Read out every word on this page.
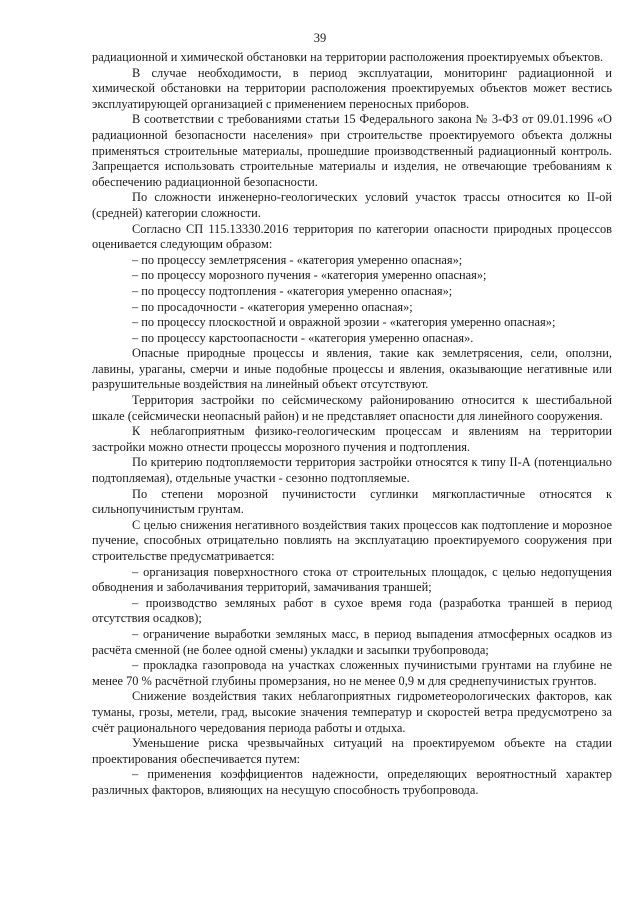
39

радиационной и химической обстановки на территории расположения проектируемых объектов.

В случае необходимости, в период эксплуатации, мониторинг радиационной и химической обстановки на территории расположения проектируемых объектов может вестись эксплуатирующей организацией с применением переносных приборов.

В соответствии с требованиями статьи 15 Федерального закона № 3-ФЗ от 09.01.1996 «О радиационной безопасности населения» при строительстве проектируемого объекта должны применяться строительные материалы, прошедшие производственный радиационный контроль. Запрещается использовать строительные материалы и изделия, не отвечающие требованиям к обеспечению радиационной безопасности.

По сложности инженерно-геологических условий участок трассы относится ко II-ой (средней) категории сложности.

Согласно СП 115.13330.2016 территория по категории опасности природных процессов оценивается следующим образом:

– по процессу землетрясения - «категория умеренно опасная»;

– по процессу морозного пучения - «категория умеренно опасная»;

– по процессу подтопления - «категория умеренно опасная»;

– по просадочности - «категория умеренно опасная»;

– по процессу плоскостной и овражной эрозии - «категория умеренно опасная»;

– по процессу карстоопасности - «категория умеренно опасная».

Опасные природные процессы и явления, такие как землетрясения, сели, оползни, лавины, ураганы, смерчи и иные подобные процессы и явления, оказывающие негативные или разрушительные воздействия на линейный объект отсутствуют.

Территория застройки по сейсмическому районированию относится к шестибальной шкале (сейсмически неопасный район) и не представляет опасности для линейного сооружения.

К неблагоприятным физико-геологическим процессам и явлениям на территории застройки можно отнести процессы морозного пучения и подтопления.

По критерию подтопляемости территория застройки относятся к типу II-А (потенциально подтопляемая), отдельные участки - сезонно подтопляемые.

По степени морозной пучинистости суглинки мягкопластичные относятся к сильнопучинистым грунтам.

С целью снижения негативного воздействия таких процессов как подтопление и морозное пучение, способных отрицательно повлиять на эксплуатацию проектируемого сооружения при строительстве предусматривается:

– организация поверхностного стока от строительных площадок, с целью недопущения обводнения и заболачивания территорий, замачивания траншей;

– производство земляных работ в сухое время года (разработка траншей в период отсутствия осадков);

– ограничение выработки земляных масс, в период выпадения атмосферных осадков из расчёта сменной (не более одной смены) укладки и засыпки трубопровода;

– прокладка газопровода на участках сложенных пучинистыми грунтами на глубине не менее 70 % расчётной глубины промерзания, но не менее 0,9 м для среднепучинистых грунтов.

Снижение воздействия таких неблагоприятных гидрометеорологических факторов, как туманы, грозы, метели, град, высокие значения температур и скоростей ветра предусмотрено за счёт рационального чередования периода работы и отдыха.

Уменьшение риска чрезвычайных ситуаций на проектируемом объекте на стадии проектирования обеспечивается путем:

– применения коэффициентов надежности, определяющих вероятностный характер различных факторов, влияющих на несущую способность трубопровода.
